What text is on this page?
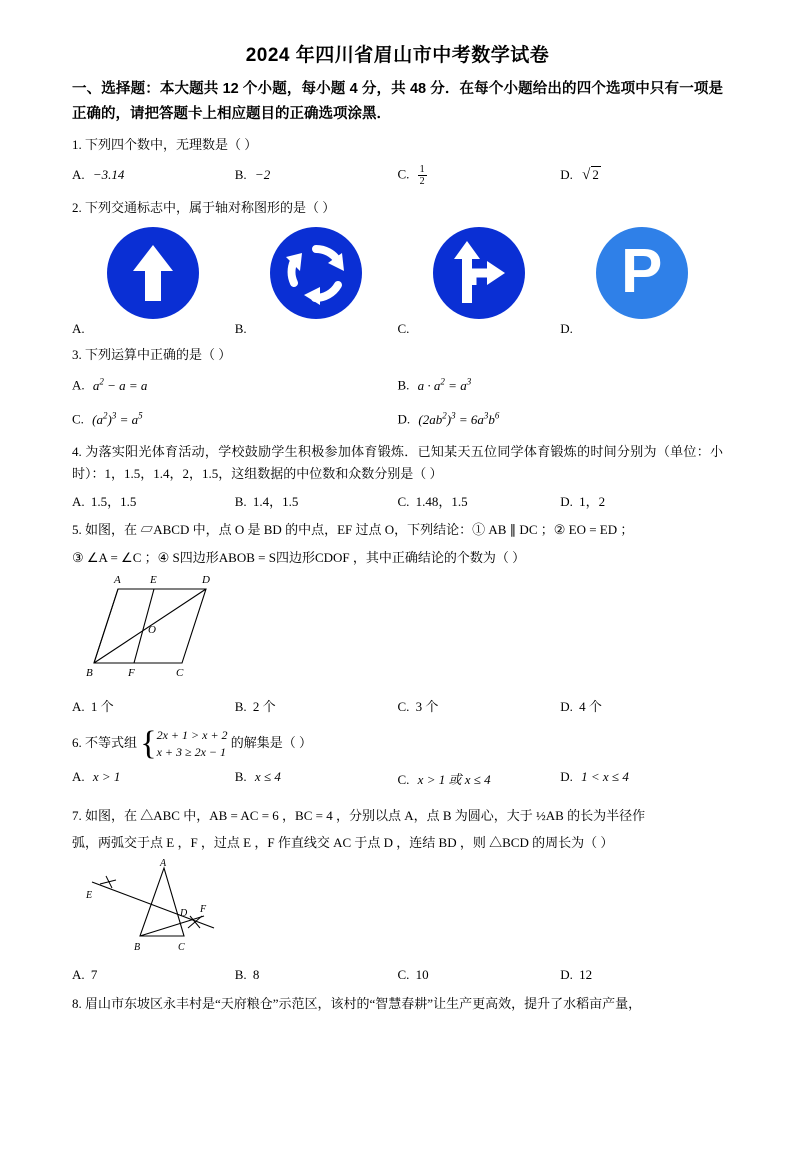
2024 年四川省眉山市中考数学试卷
一、选择题：本大题共 12 个小题，每小题 4 分，共 48 分．在每个小题给出的四个选项中只有一项是正确的，请把答题卡上相应题目的正确选项涂黑．
1. 下列四个数中，无理数是（ ）
A. −3.14	B. −2	C. $\frac{1}{2}$	D. √ 2
2. 下列交通标志中，属于轴对称图形的是（ ）
P
A.	B.	C.	D.
3. 下列运算中正确的是（ ）
A. $a^2 - a = a$	B. $a \cdot a^2 = a^3$
C. $(a^2)^3 = a^5$	D. $(2ab^2)^3 = 6a^3b^6$
4. 为落实阳光体育活动，学校鼓励学生积极参加体育锻炼．已知某天五位同学体育锻炼的时间分别为（单位：小时）：1，1.5，1.4，2，1.5，这组数据的中位数和众数分别是（ ）
A. 1.5，1.5	B. 1.4，1.5	C. 1.48，1.5	D. 1，2
5. 如图，在 ▱ABCD 中，点 O 是 BD 的中点，EF 过点 O，下列结论：① AB ∥ DC ；② EO = ED ；
③ ∠A = ∠C ；④ S四边形ABOB = S四边形CDOF ，其中正确结论的个数为（ ）
A	E	D
O
B	F	C
A. 1 个	B. 2 个	C. 3 个	D. 4 个
6. 不等式组 { 2x + 1 > x + 2
x + 3 ≥ 2x − 1
的解集是（ ）
A. x > 1	B. x ≤ 4	C. x > 1 或 x ≤ 4	D. 1 < x ≤ 4
7. 如图，在 △ABC 中，AB = AC = 6 ，BC = 4 ，分别以点 A，点 B 为圆心，大于 ½AB 的长为半径作
弧，两弧交于点 E ，F ，过点 E ，F 作直线交 AC 于点 D ，连结 BD ，则 △BCD 的周长为（ ）
A
E
D F
B	C
A. 7	B. 8	C. 10	D. 12
8. 眉山市东坡区永丰村是“天府粮仓”示范区，该村的“智慧春耕”让生产更高效，提升了水稻亩产量，
